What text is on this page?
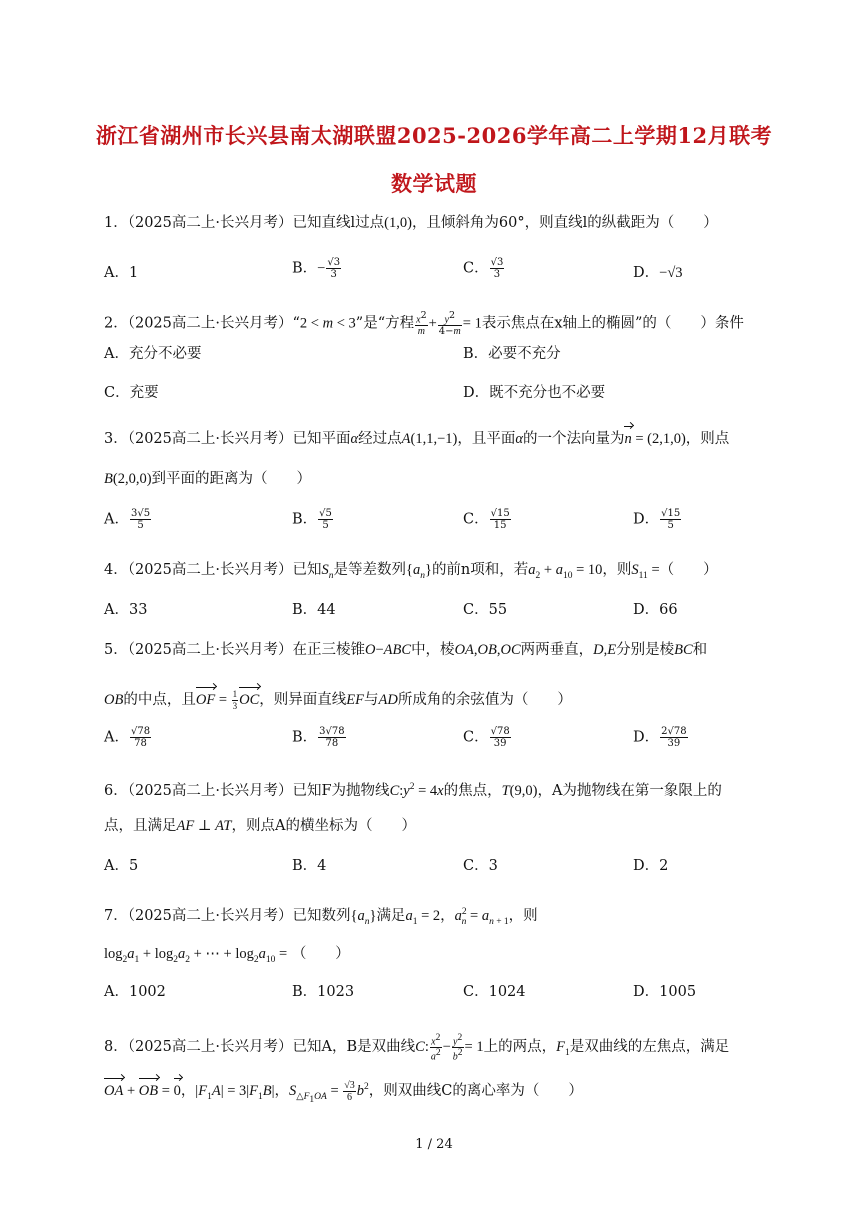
浙江省湖州市长兴县南太湖联盟2025-2026学年高二上学期12月联考
数学试题
1．（2025高二上·长兴月考）已知直线l过点(1,0)，且倾斜角为60°，则直线l的纵截距为（　　）
A．1	B．− $\frac{√3}{3}$	C． $\frac{√3}{3}$	D．−√3
2．（2025高二上·长兴月考）“2 < m < 3”是“方程 $\frac{x^2}{m} + \frac{y^2}{4-m} = 1$表示焦点在x轴上的椭圆”的（　　）条件
A．充分不必要	B．必要不充分
C．充要	D．既不充分也不必要
3．（2025高二上·长兴月考）已知平面α经过点A(1,1,−1)，且平面α的一个法向量为n = (2,1,0)，则点
B(2,0,0)到平面的距离为（　　）
A． $\frac{3√5}{5}$	B． $\frac{√5}{5}$	C． $\frac{√15}{15}$	D． $\frac{√15}{5}$
4．（2025高二上·长兴月考）已知$S_n$是等差数列$\{a_n\}$的前n项和，若$a_2 + a_{10} = 10$，则$S_{11}$ =（　　）
A．33	B．44	C．55	D．66
5．（2025高二上·长兴月考）在正三棱锥O−ABC中，棱OA,OB,OC两两垂直，D,E分别是棱BC和
OB的中点，且OF = $\frac{1}{3}$ OC，则异面直线EF与AD所成角的余弦值为（　　）
A． $\frac{√78}{78}$	B． $\frac{3√78}{78}$	C． $\frac{√78}{39}$	D． $\frac{2√78}{39}$
6．（2025高二上·长兴月考）已知F为抛物线$C:y^2 = 4x$的焦点，T(9,0)，A为抛物线在第一象限上的
点，且满足AF ⊥ AT，则点A的横坐标为（　　）
A．5	B．4	C．3	D．2
7．（2025高二上·长兴月考）已知数列$\{a_n\}$满足$a_1 = 2$，$a^2_n = a_{n + 1}$，则
$\log_2a_1 + \log_2a_2$ + ⋯ + $\log_2a_{10}$ = （　　）
A．1002	B．1023	C．1024	D．1005
8．（2025高二上·长兴月考）已知A，B是双曲线C: $\frac{x^2}{a^2} - \frac{y^2}{b^2} = 1$上的两点，$F_1$是双曲线的左焦点，满足
OA + OB = 0，$|F_1A| = 3|F_1B|$，$S_{\triangle F_1OA} = \frac{√3}{6} b^2$，则双曲线C的离心率为（　　）
1 / 24
